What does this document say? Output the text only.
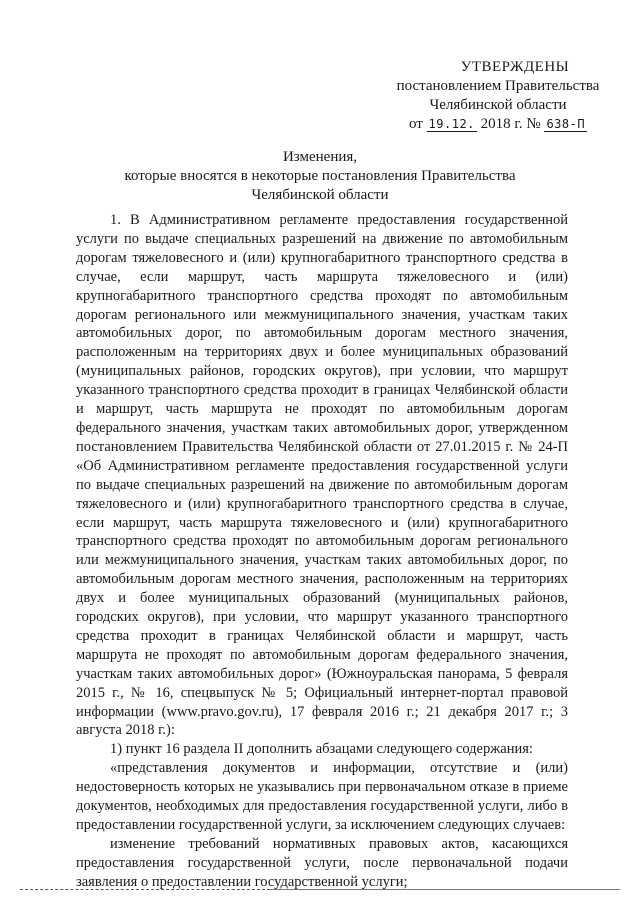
УТВЕРЖДЕНЫ
постановлением Правительства
Челябинской области
от 19.12. 2018 г. № 638-П
Изменения,
которые вносятся в некоторые постановления Правительства
Челябинской области

1. В Административном регламенте предоставления государственной услуги по выдаче специальных разрешений на движение по автомобильным дорогам тяжеловесного и (или) крупногабаритного транспортного средства в случае, если маршрут, часть маршрута тяжеловесного и (или) крупногабаритного транспортного средства проходят по автомобильным дорогам регионального или межмуниципального значения, участкам таких автомобильных дорог, по автомобильным дорогам местного значения, расположенным на территориях двух и более муниципальных образований (муниципальных районов, городских округов), при условии, что маршрут указанного транспортного средства проходит в границах Челябинской области и маршрут, часть маршрута не проходят по автомобильным дорогам федерального значения, участкам таких автомобильных дорог, утвержденном постановлением Правительства Челябинской области от 27.01.2015 г. № 24-П «Об Административном регламенте предоставления государственной услуги по выдаче специальных разрешений на движение по автомобильным дорогам тяжеловесного и (или) крупногабаритного транспортного средства в случае, если маршрут, часть маршрута тяжеловесного и (или) крупногабаритного транспортного средства проходят по автомобильным дорогам регионального или межмуниципального значения, участкам таких автомобильных дорог, по автомобильным дорогам местного значения, расположенным на территориях двух и более муниципальных образований (муниципальных районов, городских округов), при условии, что маршрут указанного транспортного средства проходит в границах Челябинской области и маршрут, часть маршрута не проходят по автомобильным дорогам федерального значения, участкам таких автомобильных дорог» (Южноуральская панорама, 5 февраля 2015 г., № 16, спецвыпуск № 5; Официальный интернет-портал правовой информации (www.pravo.gov.ru), 17 февраля 2016 г.; 21 декабря 2017 г.; 3 августа 2018 г.):

1) пункт 16 раздела II дополнить абзацами следующего содержания:

«представления документов и информации, отсутствие и (или) недостоверность которых не указывались при первоначальном отказе в приеме документов, необходимых для предоставления государственной услуги, либо в предоставлении государственной услуги, за исключением следующих случаев:

изменение требований нормативных правовых актов, касающихся предоставления государственной услуги, после первоначальной подачи заявления о предоставлении государственной услуги;
